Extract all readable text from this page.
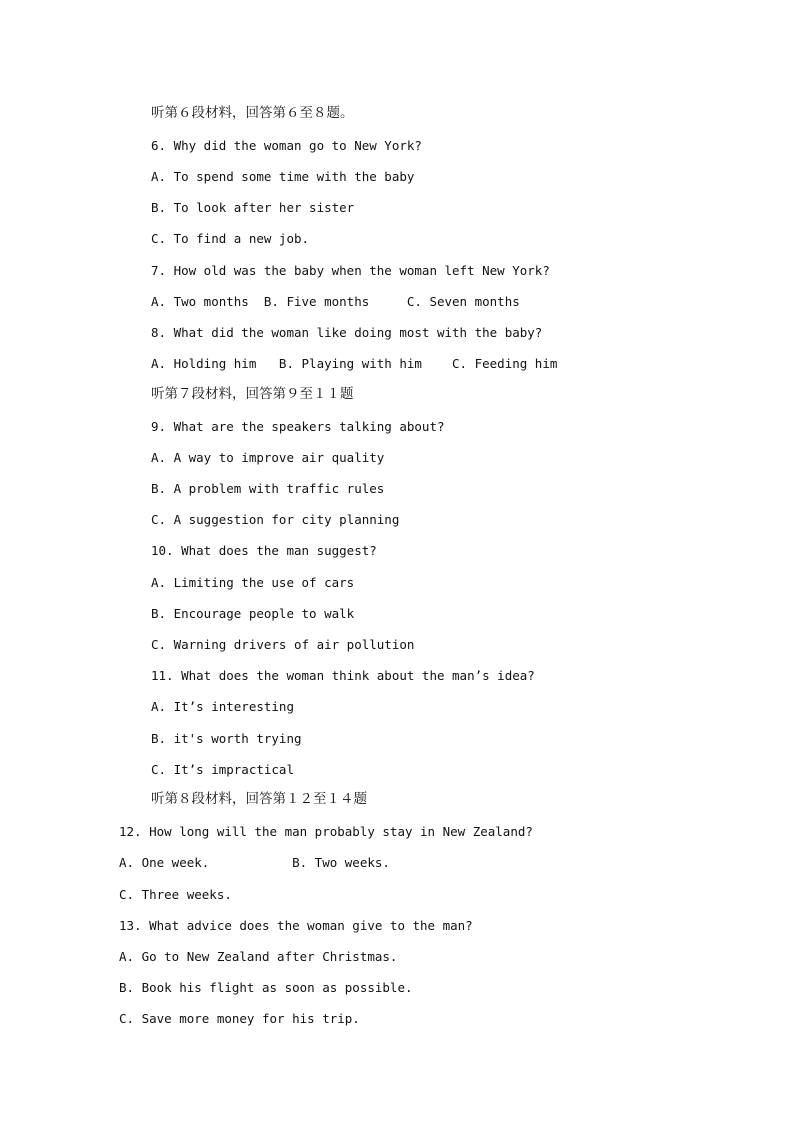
听第６段材料，回答第６至８题。
6. Why did the woman go to New York?
A. To spend some time with the baby
B. To look after her sister
C. To find a new job.
7. How old was the baby when the woman left New York?
A. Two months  B. Five months     C. Seven months
8. What did the woman like doing most with the baby?
A. Holding him   B. Playing with him    C. Feeding him
听第７段材料，回答第９至１１题
9. What are the speakers talking about?
A. A way to improve air quality
B. A problem with traffic rules
C. A suggestion for city planning
10. What does the man suggest?
A. Limiting the use of cars
B. Encourage people to walk
C. Warning drivers of air pollution
11. What does the woman think about the man’s idea?
A. It’s interesting
B. it's worth trying
C. It’s impractical
听第８段材料，回答第１２至１４题
12. How long will the man probably stay in New Zealand?
A. One week.           B. Two weeks.
C. Three weeks.
13. What advice does the woman give to the man?
A. Go to New Zealand after Christmas.
B. Book his flight as soon as possible.
C. Save more money for his trip.
